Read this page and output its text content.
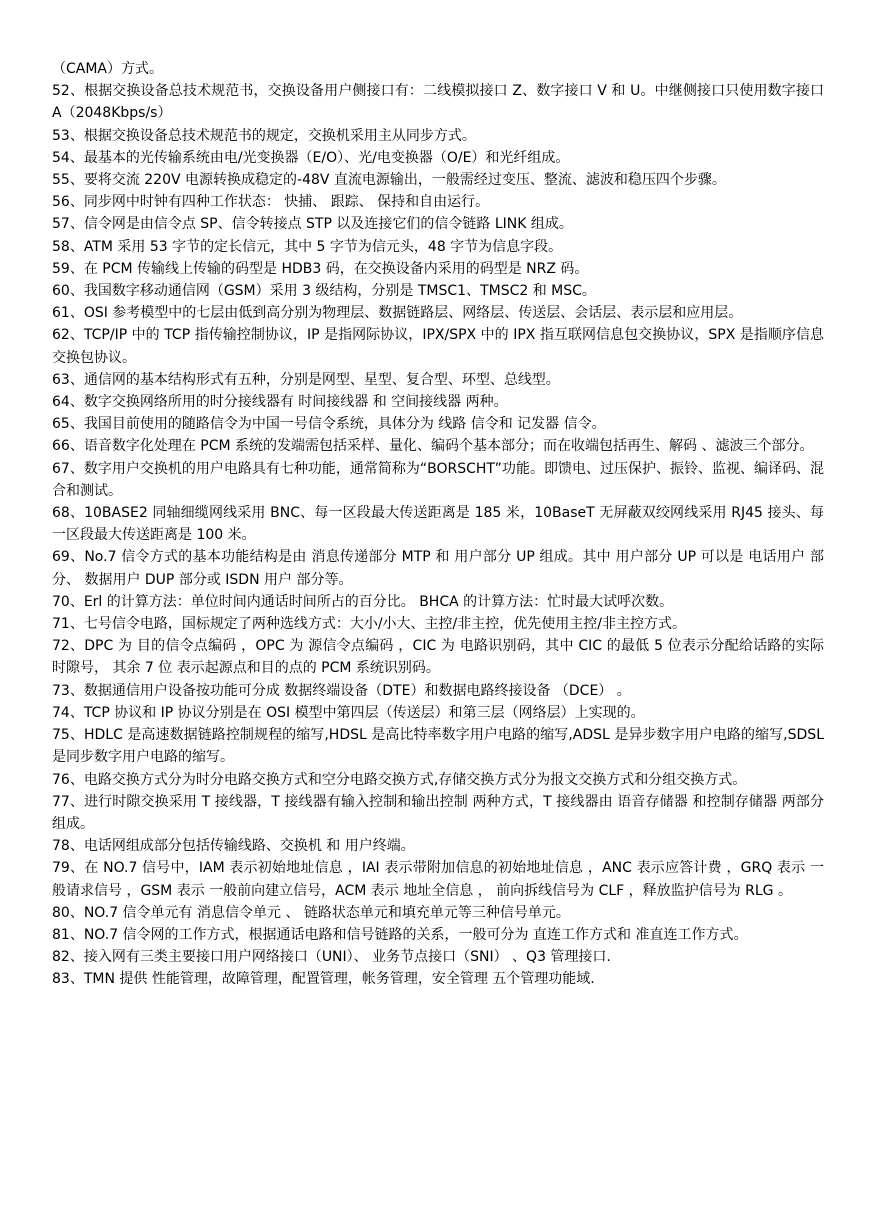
（CAMA）方式。

52、根据交换设备总技术规范书，交换设备用户侧接口有：二线模拟接口 Z、数字接口 V 和 U。中继侧接口只使用数字接口 A（2048Kbps/s）

53、根据交换设备总技术规范书的规定，交换机采用主从同步方式。

54、最基本的光传输系统由电/光变换器（E/O）、光/电变换器（O/E）和光纤组成。

55、要将交流 220V 电源转换成稳定的-48V 直流电源输出，一般需经过变压、整流、滤波和稳压四个步骤。

56、同步网中时钟有四种工作状态： 快捕、 跟踪、 保持和自由运行。

57、信令网是由信令点 SP、信令转接点 STP 以及连接它们的信令链路 LINK 组成。

58、ATM 采用 53 字节的定长信元，其中 5 字节为信元头，48 字节为信息字段。

59、在 PCM 传输线上传输的码型是 HDB3 码，在交换设备内采用的码型是 NRZ 码。

60、我国数字移动通信网（GSM）采用 3 级结构，分别是 TMSC1、TMSC2 和 MSC。

61、OSI 参考模型中的七层由低到高分别为物理层、数据链路层、网络层、传送层、会话层、表示层和应用层。

62、TCP/IP 中的 TCP 指传输控制协议，IP 是指网际协议，IPX/SPX 中的 IPX 指互联网信息包交换协议，SPX 是指顺序信息交换包协议。

63、通信网的基本结构形式有五种，分别是网型、星型、复合型、环型、总线型。

64、数字交换网络所用的时分接线器有 时间接线器 和 空间接线器 两种。

65、我国目前使用的随路信令为中国一号信令系统，具体分为 线路 信令和 记发器 信令。

66、语音数字化处理在 PCM 系统的发端需包括采样、量化、编码个基本部分；而在收端包括再生、解码 、滤波三个部分。

67、数字用户交换机的用户电路具有七种功能，通常简称为“BORSCHT”功能。即馈电、过压保护、振铃、监视、编译码、混合和测试。

68、10BASE2 同轴细缆网线采用 BNC、每一区段最大传送距离是 185 米，10BaseT 无屏蔽双绞网线采用 RJ45 接头、每一区段最大传送距离是 100 米。

69、No.7 信令方式的基本功能结构是由 消息传递部分 MTP 和 用户部分 UP 组成。其中 用户部分 UP 可以是 电话用户 部分、 数据用户 DUP 部分或 ISDN 用户 部分等。

70、Erl 的计算方法：单位时间内通话时间所占的百分比。 BHCA 的计算方法：忙时最大试呼次数。

71、七号信令电路，国标规定了两种选线方式：大小/小大、主控/非主控，优先使用主控/非主控方式。

72、DPC 为 目的信令点编码 ，OPC 为 源信令点编码 ，CIC 为 电路识别码，其中 CIC 的最低 5 位表示分配给话路的实际时隙号， 其余 7 位 表示起源点和目的点的 PCM 系统识别码。

73、数据通信用户设备按功能可分成 数据终端设备（DTE）和数据电路终接设备 （DCE） 。

74、TCP 协议和 IP 协议分别是在 OSI 模型中第四层（传送层）和第三层（网络层）上实现的。

75、HDLC 是高速数据链路控制规程的缩写,HDSL 是高比特率数字用户电路的缩写,ADSL 是异步数字用户电路的缩写,SDSL 是同步数字用户电路的缩写。

76、电路交换方式分为时分电路交换方式和空分电路交换方式,存储交换方式分为报文交换方式和分组交换方式。

77、进行时隙交换采用 T 接线器，T 接线器有输入控制和输出控制 两种方式，T 接线器由 语音存储器 和控制存储器 两部分组成。

78、电话网组成部分包括传输线路、交换机 和 用户终端。

79、在 NO.7 信号中，IAM 表示初始地址信息 ，IAI 表示带附加信息的初始地址信息 ，ANC 表示应答计费 ，GRQ 表示 一般请求信号 ，GSM 表示 一般前向建立信号，ACM 表示 地址全信息 ， 前向拆线信号为 CLF ，释放监护信号为 RLG 。

80、NO.7 信令单元有 消息信令单元 、 链路状态单元和填充单元等三种信号单元。

81、NO.7 信令网的工作方式，根据通话电路和信号链路的关系，一般可分为 直连工作方式和 准直连工作方式。

82、接入网有三类主要接口用户网络接口（UNI）、 业务节点接口（SNI） 、Q3 管理接口.

83、TMN 提供 性能管理，故障管理，配置管理，帐务管理，安全管理 五个管理功能域.
